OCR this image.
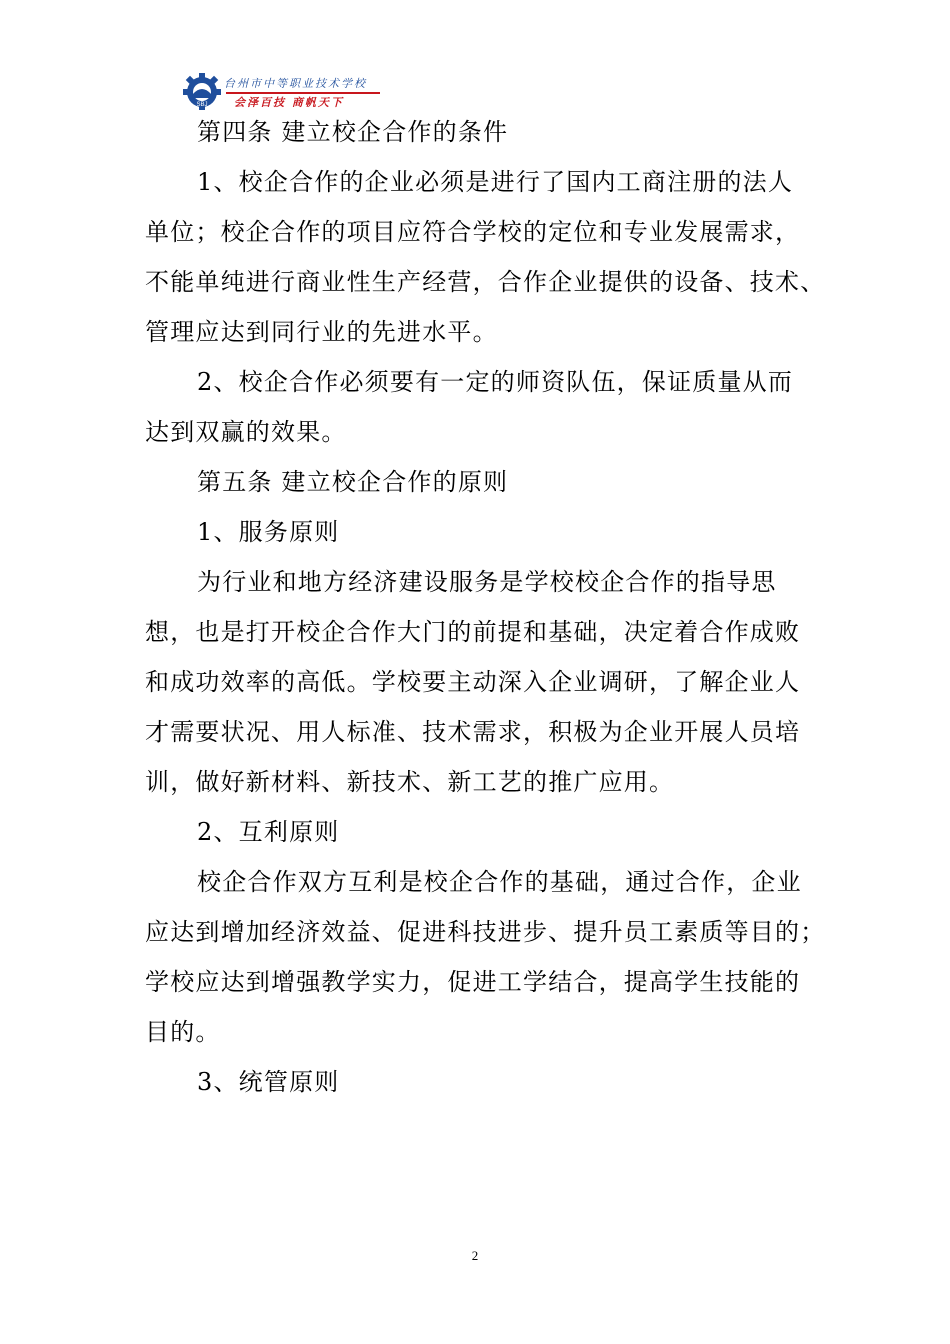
SBJ
台州市中等职业技术学校
会泽百技 商帆天下
第四条 建立校企合作的条件
1、校企合作的企业必须是进行了国内工商注册的法人
单位；校企合作的项目应符合学校的定位和专业发展需求，
不能单纯进行商业性生产经营，合作企业提供的设备、技术、
管理应达到同行业的先进水平。
2、校企合作必须要有一定的师资队伍，保证质量从而
达到双赢的效果。
第五条 建立校企合作的原则
1、服务原则
为行业和地方经济建设服务是学校校企合作的指导思
想，也是打开校企合作大门的前提和基础，决定着合作成败
和成功效率的高低。学校要主动深入企业调研，了解企业人
才需要状况、用人标准、技术需求，积极为企业开展人员培
训，做好新材料、新技术、新工艺的推广应用。
2、互利原则
校企合作双方互利是校企合作的基础，通过合作，企业
应达到增加经济效益、促进科技进步、提升员工素质等目的；
学校应达到增强教学实力，促进工学结合，提高学生技能的
目的。
3、统管原则
2
